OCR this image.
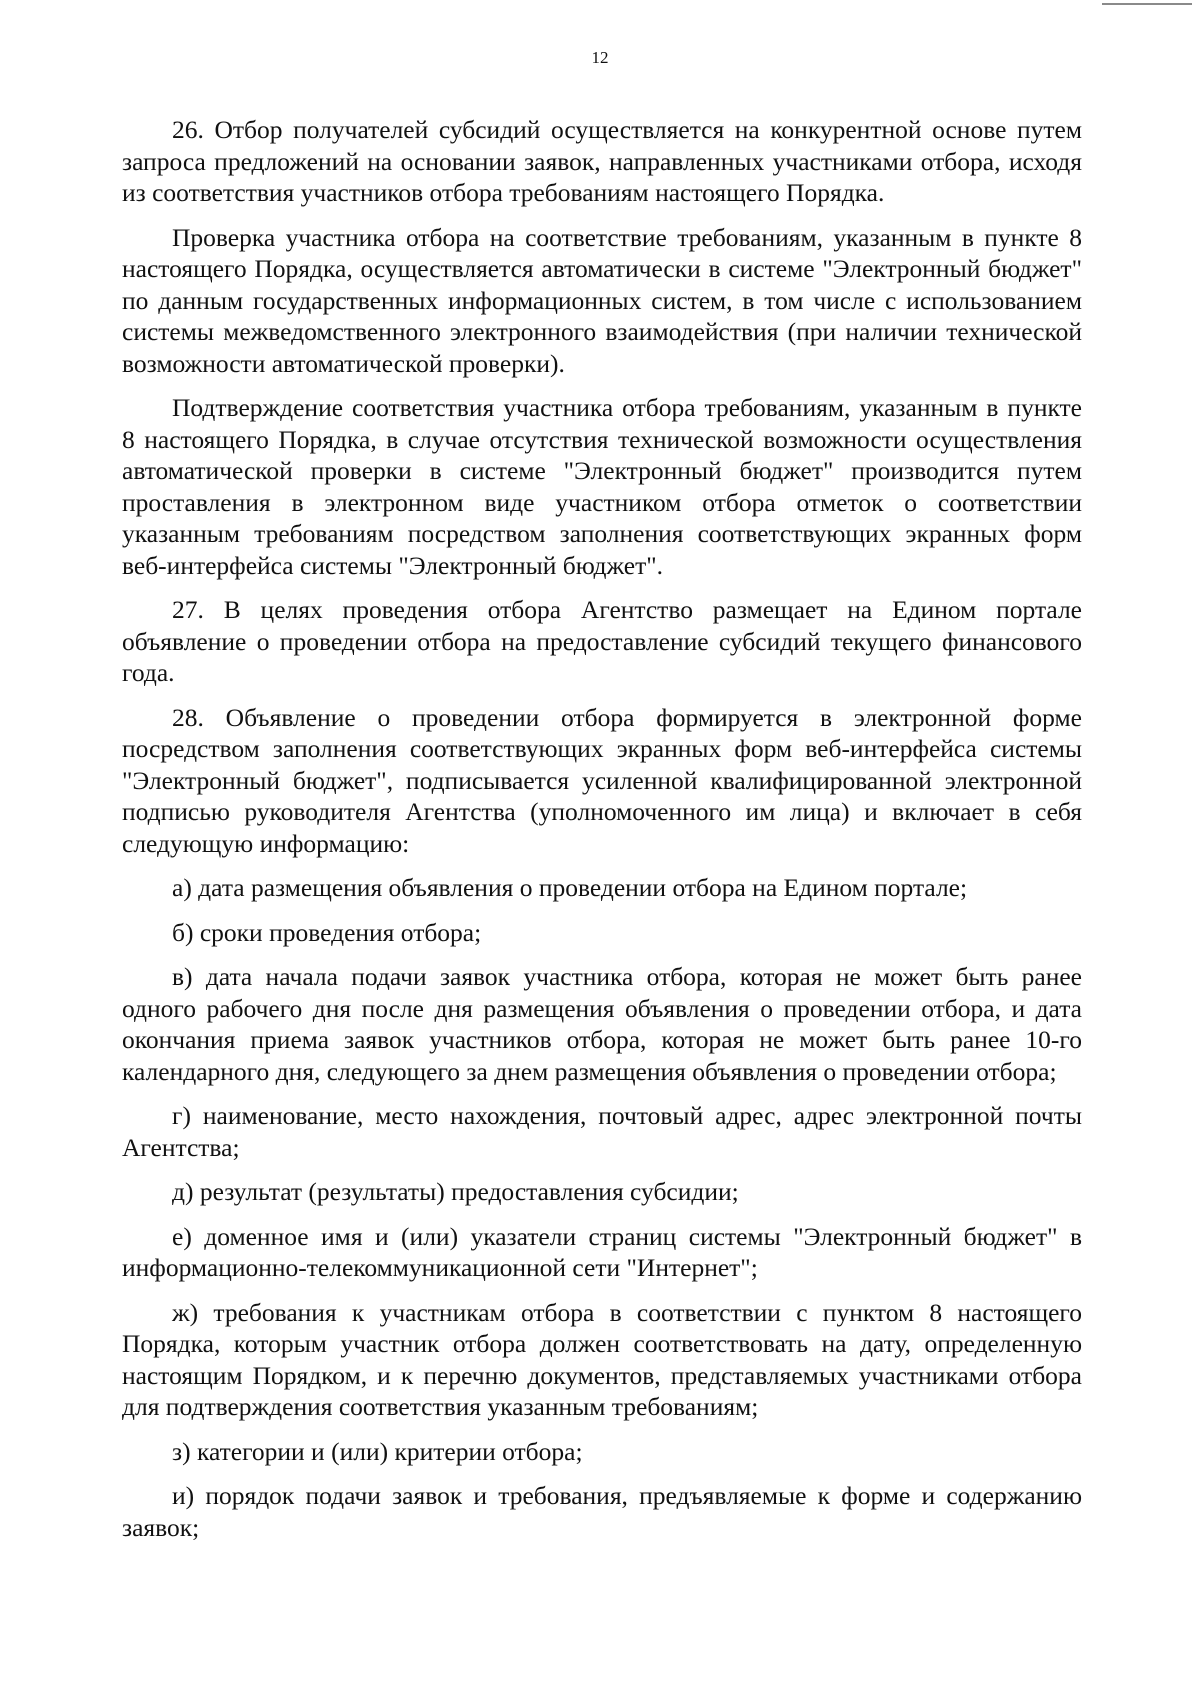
12

26. Отбор получателей субсидий осуществляется на конкурентной основе путем запроса предложений на основании заявок, направленных участниками отбора, исходя из соответствия участников отбора требованиям настоящего Порядка.

Проверка участника отбора на соответствие требованиям, указанным в пункте 8 настоящего Порядка, осуществляется автоматически в системе "Электронный бюджет" по данным государственных информационных систем, в том числе с использованием системы межведомственного электронного взаимодействия (при наличии технической возможности автоматической проверки).

Подтверждение соответствия участника отбора требованиям, указанным в пункте 8 настоящего Порядка, в случае отсутствия технической возможности осуществления автоматической проверки в системе "Электронный бюджет" производится путем проставления в электронном виде участником отбора отметок о соответствии указанным требованиям посредством заполнения соответствующих экранных форм веб-интерфейса системы "Электронный бюджет".

27. В целях проведения отбора Агентство размещает на Едином портале объявление о проведении отбора на предоставление субсидий текущего финансового года.

28. Объявление о проведении отбора формируется в электронной форме посредством заполнения соответствующих экранных форм веб-интерфейса системы "Электронный бюджет", подписывается усиленной квалифицированной электронной подписью руководителя Агентства (уполномоченного им лица) и включает в себя следующую информацию:

а) дата размещения объявления о проведении отбора на Едином портале;

б) сроки проведения отбора;

в) дата начала подачи заявок участника отбора, которая не может быть ранее одного рабочего дня после дня размещения объявления о проведении отбора, и дата окончания приема заявок участников отбора, которая не может быть ранее 10-го календарного дня, следующего за днем размещения объявления о проведении отбора;

г) наименование, место нахождения, почтовый адрес, адрес электронной почты Агентства;

д) результат (результаты) предоставления субсидии;

е) доменное имя и (или) указатели страниц системы "Электронный бюджет" в информационно-телекоммуникационной сети "Интернет";

ж) требования к участникам отбора в соответствии с пунктом 8 настоящего Порядка, которым участник отбора должен соответствовать на дату, определенную настоящим Порядком, и к перечню документов, представляемых участниками отбора для подтверждения соответствия указанным требованиям;

з) категории и (или) критерии отбора;

и) порядок подачи заявок и требования, предъявляемые к форме и содержанию заявок;
